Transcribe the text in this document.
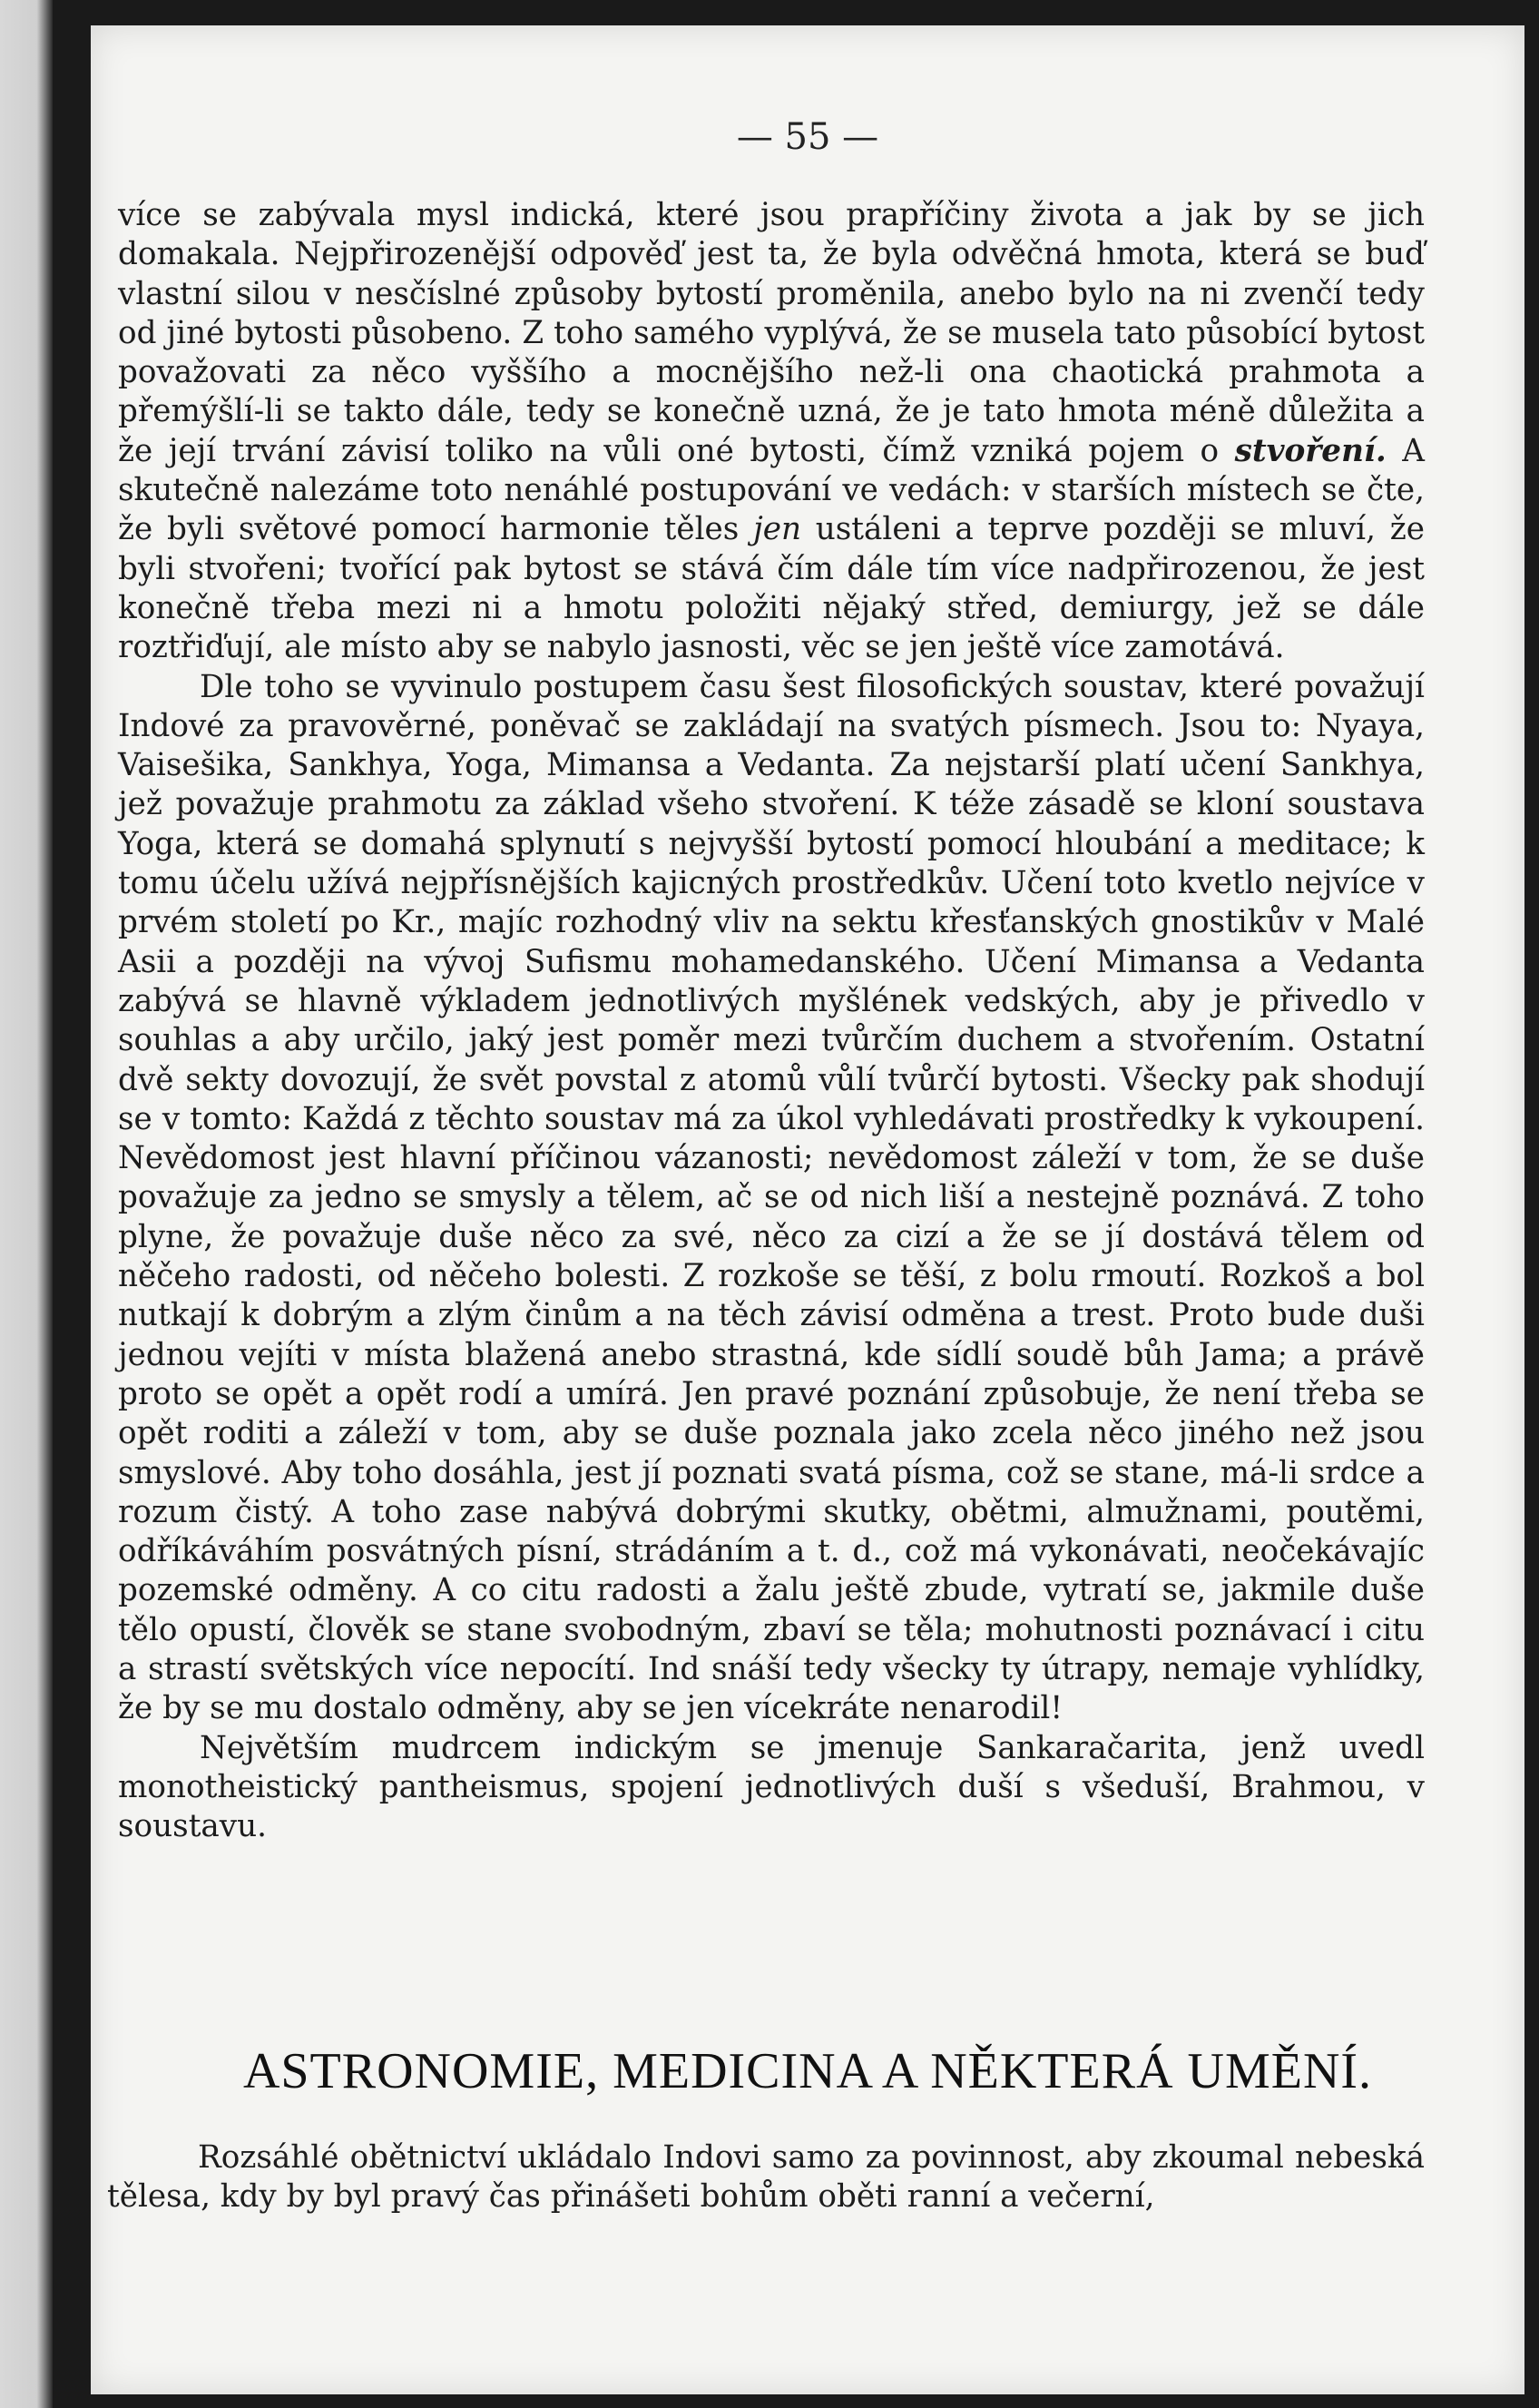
— 55 —

více se zabývala mysl indická, které jsou prapříčiny života a jak by se jich domakala. Nejpřirozenější odpověď jest ta, že byla odvěčná hmota, která se buď vlastní silou v nesčíslné způsoby bytostí proměnila, anebo bylo na ni zvenčí tedy od jiné bytosti působeno. Z toho samého vyplývá, že se musela tato působící bytost považovati za něco vyššího a mocnějšího než-li ona chaotická prahmota a přemýšlí-li se takto dále, tedy se konečně uzná, že je tato hmota méně důležita a že její trvání závisí toliko na vůli oné bytosti, čímž vzniká pojem o stvoření. A skutečně nalezáme toto nenáhlé postupování ve vedách: v starších místech se čte, že byli světové pomocí harmonie těles jen ustáleni a teprve později se mluví, že byli stvořeni; tvořící pak bytost se stává čím dále tím více nadpřirozenou, že jest konečně třeba mezi ni a hmotu položiti nějaký střed, demiurgy, jež se dále roztřiďují, ale místo aby se nabylo jasnosti, věc se jen ještě více zamotává.

Dle toho se vyvinulo postupem času šest filosofických soustav, které považují Indové za pravověrné, poněvač se zakládají na svatých písmech. Jsou to: Nyaya, Vaisešika, Sankhya, Yoga, Mimansa a Vedanta. Za nejstarší platí učení Sankhya, jež považuje prahmotu za základ všeho stvoření. K téže zásadě se kloní soustava Yoga, která se domahá splynutí s nejvyšší bytostí pomocí hloubání a meditace; k tomu účelu užívá nejpřísnějších kajicných prostředkův. Učení toto kvetlo nejvíce v prvém století po Kr., majíc rozhodný vliv na sektu křesťanských gnostikův v Malé Asii a později na vývoj Sufismu mohamedanského. Učení Mimansa a Vedanta zabývá se hlavně výkladem jednotlivých myšlének vedských, aby je přivedlo v souhlas a aby určilo, jaký jest poměr mezi tvůrčím duchem a stvořením. Ostatní dvě sekty dovozují, že svět povstal z atomů vůlí tvůrčí bytosti. Všecky pak shodují se v tomto: Každá z těchto soustav má za úkol vyhledávati prostředky k vykoupení. Nevědomost jest hlavní příčinou vázanosti; nevědomost záleží v tom, že se duše považuje za jedno se smysly a tělem, ač se od nich liší a nestejně poznává. Z toho plyne, že považuje duše něco za své, něco za cizí a že se jí dostává tělem od něčeho radosti, od něčeho bolesti. Z rozkoše se těší, z bolu rmoutí. Rozkoš a bol nutkají k dobrým a zlým činům a na těch závisí odměna a trest. Proto bude duši jednou vejíti v místa blažená anebo strastná, kde sídlí soudě bůh Jama; a právě proto se opět a opět rodí a umírá. Jen pravé poznání způsobuje, že není třeba se opět roditi a záleží v tom, aby se duše poznala jako zcela něco jiného než jsou smyslové. Aby toho dosáhla, jest jí poznati svatá písma, což se stane, má-li srdce a rozum čistý. A toho zase nabývá dobrými skutky, obětmi, almužnami, poutěmi, odříkáváhím posvátných písní, strádáním a t. d., což má vykonávati, neočekávajíc pozemské odměny. A co citu radosti a žalu ještě zbude, vytratí se, jakmile duše tělo opustí, člověk se stane svobodným, zbaví se těla; mohutnosti poznávací i citu a strastí světských více nepocítí. Ind snáší tedy všecky ty útrapy, nemaje vyhlídky, že by se mu dostalo odměny, aby se jen vícekráte nenarodil!

Největším mudrcem indickým se jmenuje Sankaračarita, jenž uvedl monotheistický pantheismus, spojení jednotlivých duší s všeduší, Brahmou, v soustavu.

ASTRONOMIE, MEDICINA A NĚKTERÁ UMĚNÍ.

Rozsáhlé obětnictví ukládalo Indovi samo za povinnost, aby zkoumal nebeská tělesa, kdy by byl pravý čas přinášeti bohům oběti ranní a večerní,
